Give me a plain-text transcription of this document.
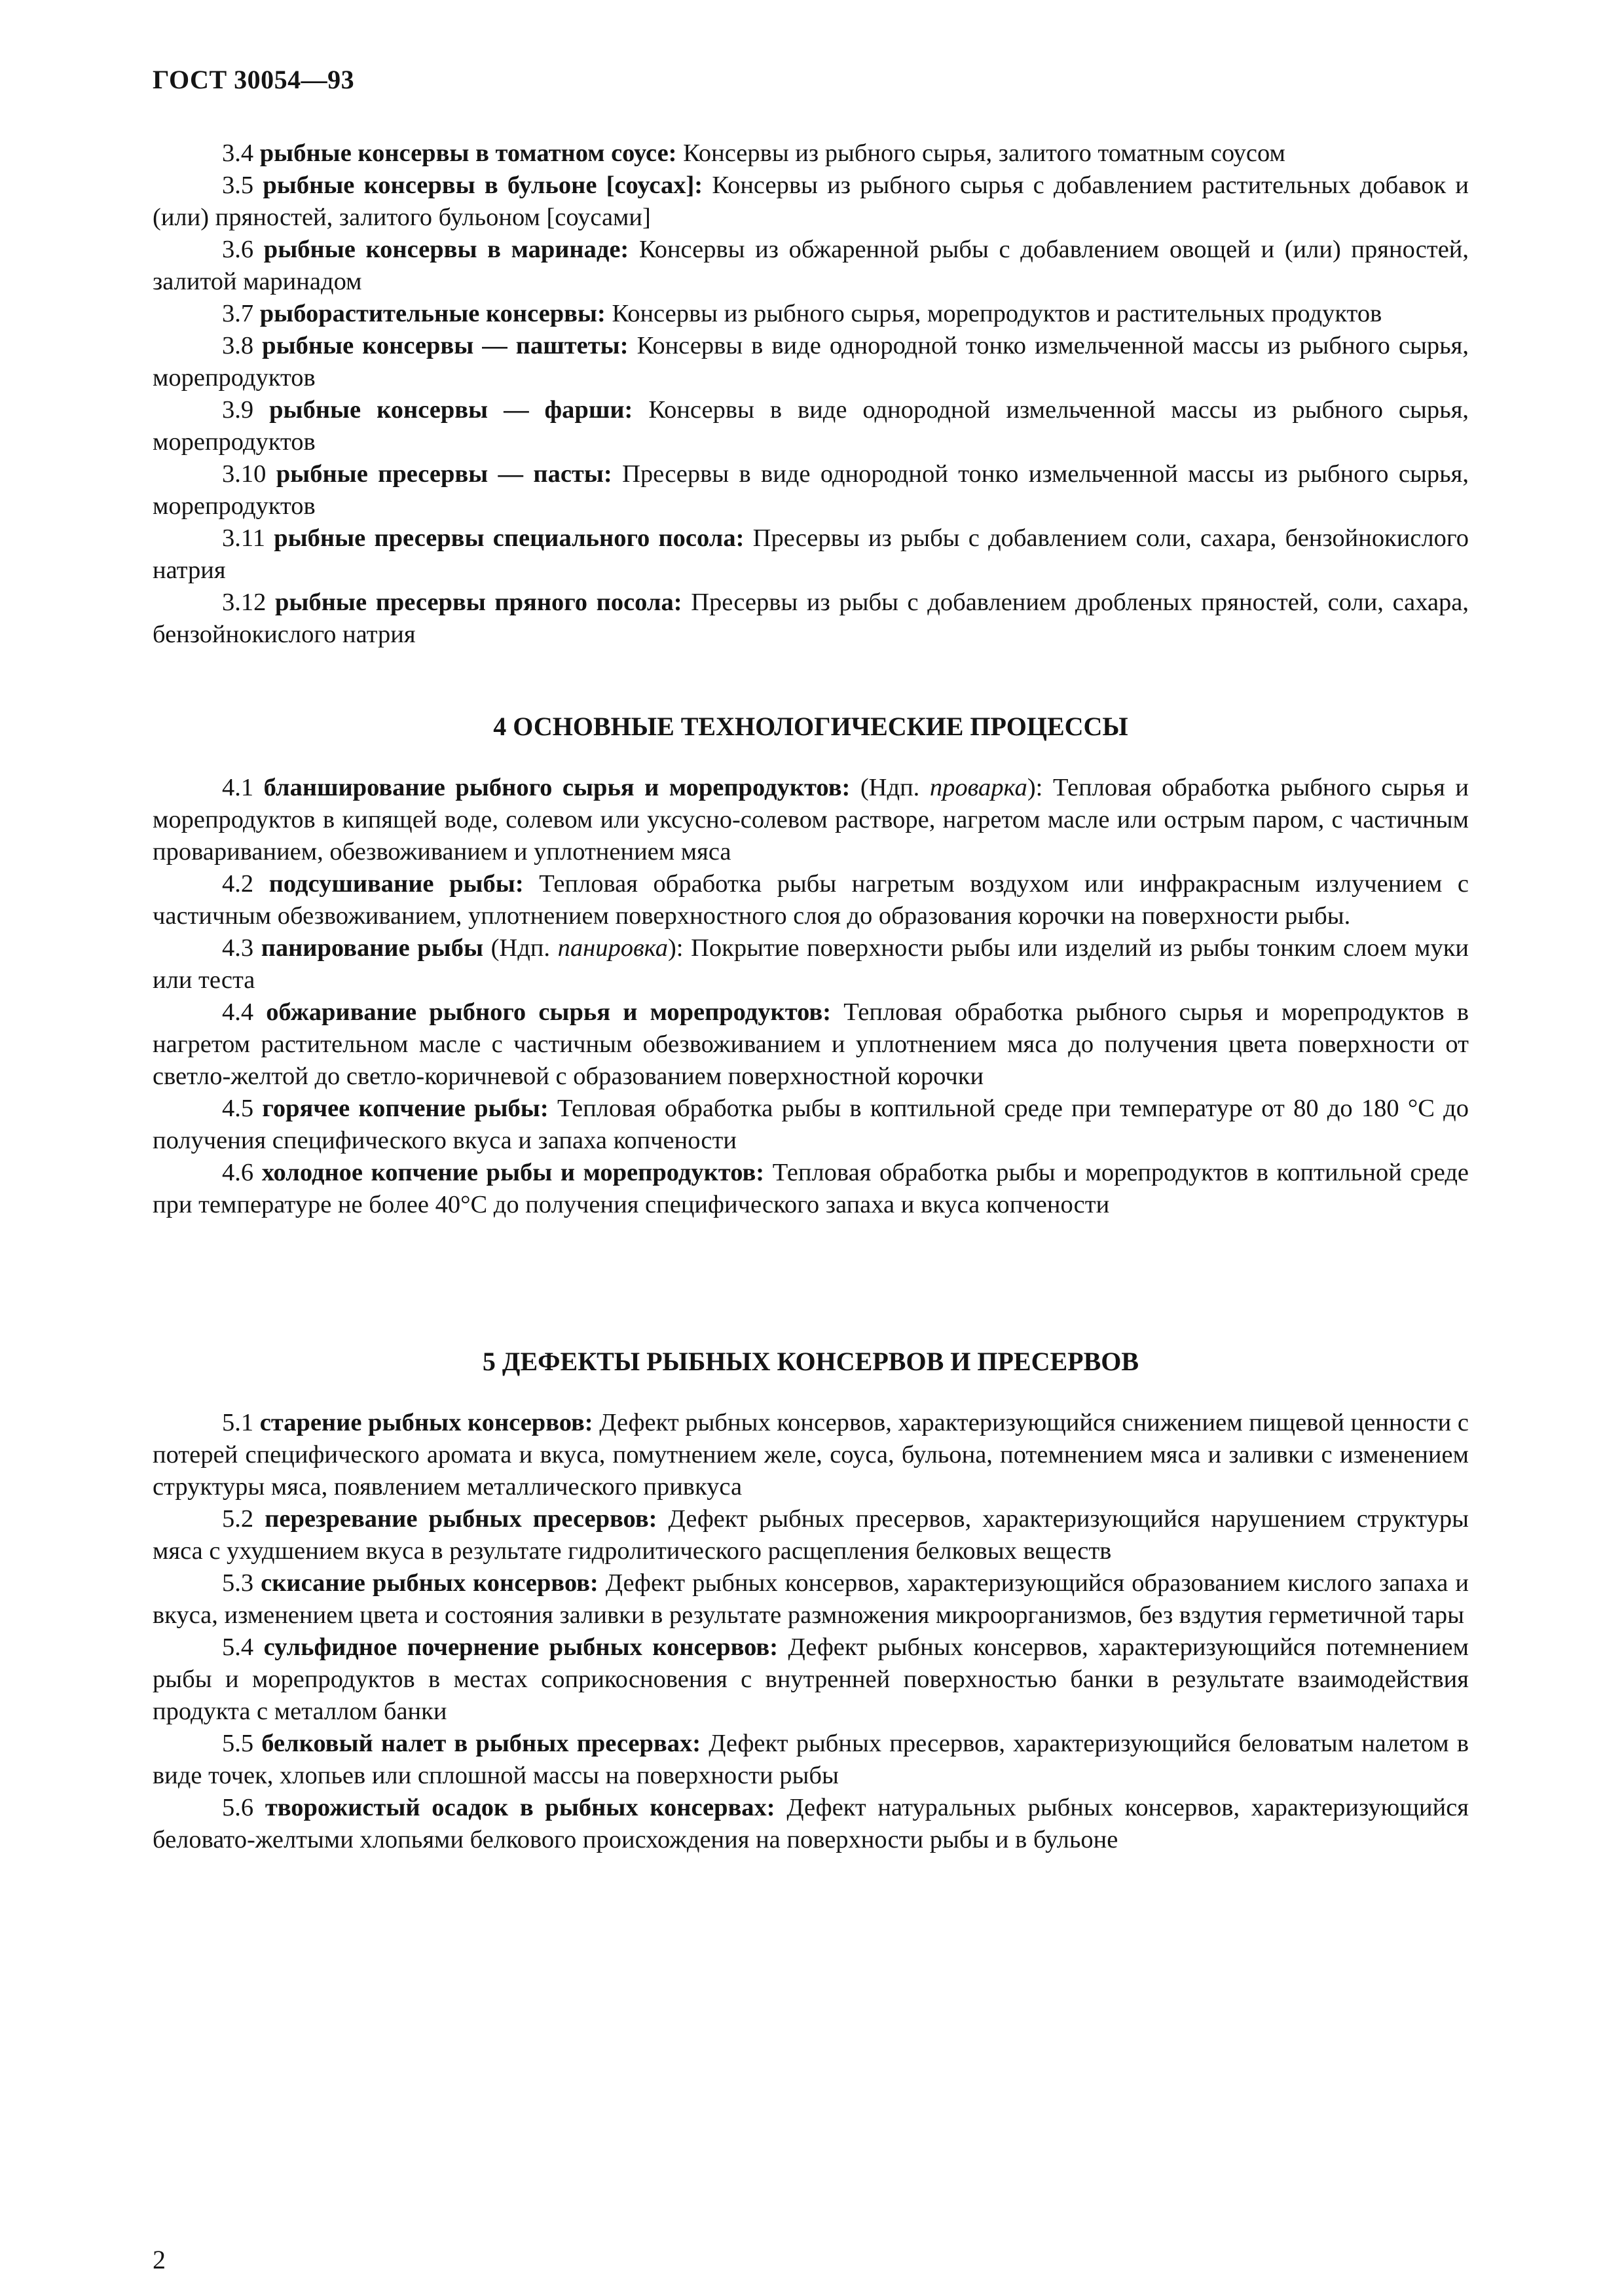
ГОСТ 30054—93

3.4 рыбные консервы в томатном соусе: Консервы из рыбного сырья, залитого томатным соусом

3.5 рыбные консервы в бульоне [соусах]: Консервы из рыбного сырья с добавлением растительных добавок и (или) пряностей, залитого бульоном [соусами]

3.6 рыбные консервы в маринаде: Консервы из обжаренной рыбы с добавлением овощей и (или) пряностей, залитой маринадом

3.7 рыборастительные консервы: Консервы из рыбного сырья, морепродуктов и растительных продуктов

3.8 рыбные консервы — паштеты: Консервы в виде однородной тонко измельченной массы из рыбного сырья, морепродуктов

3.9 рыбные консервы — фарши: Консервы в виде однородной измельченной массы из рыбного сырья, морепродуктов

3.10 рыбные пресервы — пасты: Пресервы в виде однородной тонко измельченной массы из рыбного сырья, морепродуктов

3.11 рыбные пресервы специального посола: Пресервы из рыбы с добавлением соли, сахара, бензойнокислого натрия

3.12 рыбные пресервы пряного посола: Пресервы из рыбы с добавлением дробленых пряностей, соли, сахара, бензойнокислого натрия

4 ОСНОВНЫЕ ТЕХНОЛОГИЧЕСКИЕ ПРОЦЕССЫ

4.1 бланширование рыбного сырья и морепродуктов: (Ндп. проварка): Тепловая обработка рыбного сырья и морепродуктов в кипящей воде, солевом или уксусно-солевом растворе, нагретом масле или острым паром, с частичным провариванием, обезвоживанием и уплотнением мяса

4.2 подсушивание рыбы: Тепловая обработка рыбы нагретым воздухом или инфракрасным излучением с частичным обезвоживанием, уплотнением поверхностного слоя до образования корочки на поверхности рыбы.

4.3 панирование рыбы (Ндп. панировка): Покрытие поверхности рыбы или изделий из рыбы тонким слоем муки или теста

4.4 обжаривание рыбного сырья и морепродуктов: Тепловая обработка рыбного сырья и морепродуктов в нагретом растительном масле с частичным обезвоживанием и уплотнением мяса до получения цвета поверхности от светло-желтой до светло-коричневой с образованием поверхностной корочки

4.5 горячее копчение рыбы: Тепловая обработка рыбы в коптильной среде при температуре от 80 до 180 °С до получения специфического вкуса и запаха копчености

4.6 холодное копчение рыбы и морепродуктов: Тепловая обработка рыбы и морепродуктов в коптильной среде при температуре не более 40°С до получения специфического запаха и вкуса копчености

5 ДЕФЕКТЫ РЫБНЫХ КОНСЕРВОВ И ПРЕСЕРВОВ

5.1 старение рыбных консервов: Дефект рыбных консервов, характеризующийся снижением пищевой ценности с потерей специфического аромата и вкуса, помутнением желе, соуса, бульона, потемнением мяса и заливки с изменением структуры мяса, появлением металлического привкуса

5.2 перезревание рыбных пресервов: Дефект рыбных пресервов, характеризующийся нарушением структуры мяса с ухудшением вкуса в результате гидролитического расщепления белковых веществ

5.3 скисание рыбных консервов: Дефект рыбных консервов, характеризующийся образованием кислого запаха и вкуса, изменением цвета и состояния заливки в результате размножения микроорганизмов, без вздутия герметичной тары

5.4 сульфидное почернение рыбных консервов: Дефект рыбных консервов, характеризующийся потемнением рыбы и морепродуктов в местах соприкосновения с внутренней поверхностью банки в результате взаимодействия продукта с металлом банки

5.5 белковый налет в рыбных пресервах: Дефект рыбных пресервов, характеризующийся беловатым налетом в виде точек, хлопьев или сплошной массы на поверхности рыбы

5.6 творожистый осадок в рыбных консервах: Дефект натуральных рыбных консервов, характеризующийся беловато-желтыми хлопьями белкового происхождения на поверхности рыбы и в бульоне

2
